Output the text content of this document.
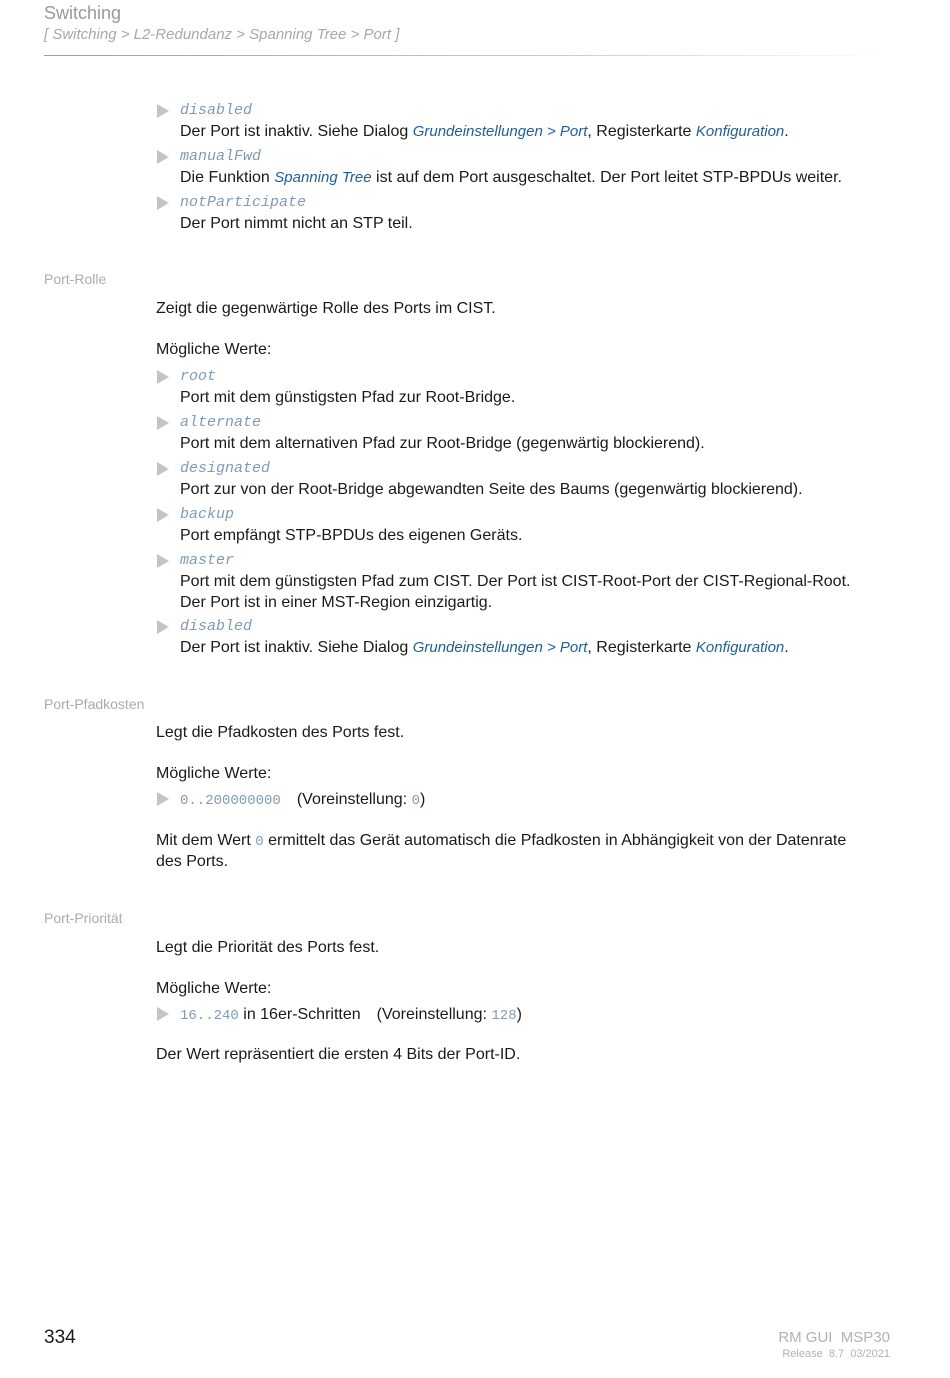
Switching
[ Switching > L2-Redundanz > Spanning Tree > Port ]
disabled
Der Port ist inaktiv. Siehe Dialog Grundeinstellungen > Port, Registerkarte Konfiguration.
manualFwd
Die Funktion Spanning Tree ist auf dem Port ausgeschaltet. Der Port leitet STP-BPDUs weiter.
notParticipate
Der Port nimmt nicht an STP teil.
Port-Rolle
Zeigt die gegenwärtige Rolle des Ports im CIST.
Mögliche Werte:
root
Port mit dem günstigsten Pfad zur Root-Bridge.
alternate
Port mit dem alternativen Pfad zur Root-Bridge (gegenwärtig blockierend).
designated
Port zur von der Root-Bridge abgewandten Seite des Baums (gegenwärtig blockierend).
backup
Port empfängt STP-BPDUs des eigenen Geräts.
master
Port mit dem günstigsten Pfad zum CIST. Der Port ist CIST-Root-Port der CIST-Regional-Root.
Der Port ist in einer MST-Region einzigartig.
disabled
Der Port ist inaktiv. Siehe Dialog Grundeinstellungen > Port, Registerkarte Konfiguration.
Port-Pfadkosten
Legt die Pfadkosten des Ports fest.
Mögliche Werte:
0..200000000 (Voreinstellung: 0)
Mit dem Wert 0 ermittelt das Gerät automatisch die Pfadkosten in Abhängigkeit von der Datenrate
des Ports.
Port-Priorität
Legt die Priorität des Ports fest.
Mögliche Werte:
16..240 in 16er-Schritten (Voreinstellung: 128)
Der Wert repräsentiert die ersten 4 Bits der Port-ID.
334	RM GUI  MSP30
Release  8.7  03/2021
